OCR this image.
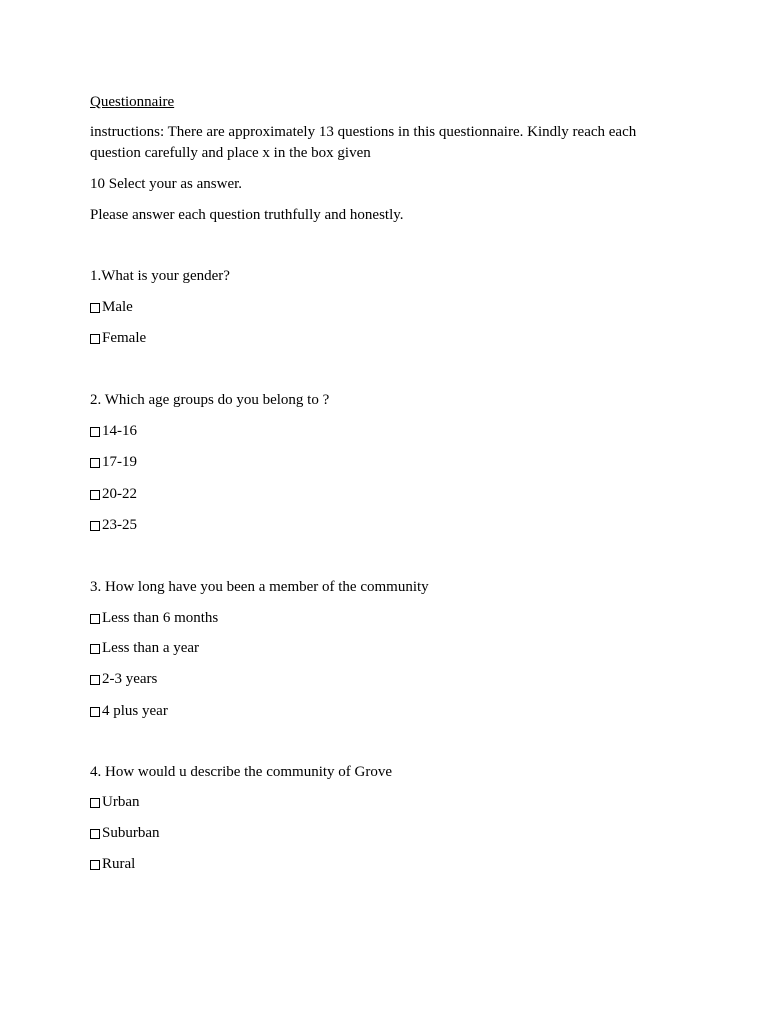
Questionnaire
instructions: There are approximately 13 questions in this questionnaire. Kindly reach each question carefully and place x in the box given
10 Select your as answer.
Please answer each question truthfully and honestly.
1.What is your gender?
Male
Female
2. Which age groups do you belong to ?
14-16
17-19
20-22
23-25
3. How long have you been a member of the community
Less than 6 months
Less than a year
2-3 years
4 plus year
4. How would u describe the community of Grove
Urban
Suburban
Rural
